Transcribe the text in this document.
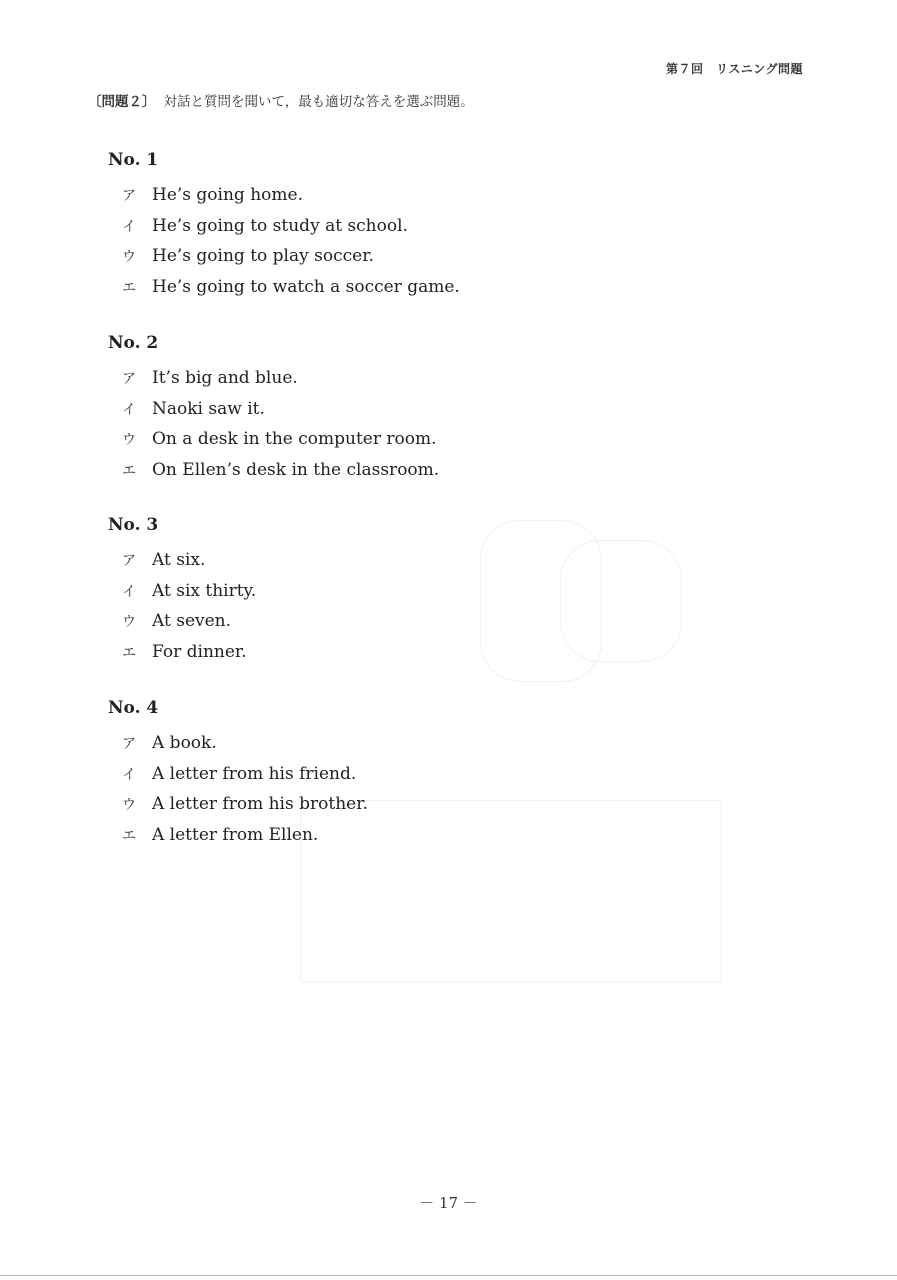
第７回　リスニング問題
〔問題２〕 対話と質問を聞いて，最も適切な答えを選ぶ問題。
No. 1
ア He’s going home.
イ He’s going to study at school.
ウ He’s going to play soccer.
エ He’s going to watch a soccer game.
No. 2
ア It’s big and blue.
イ Naoki saw it.
ウ On a desk in the computer room.
エ On Ellen’s desk in the classroom.
No. 3
ア At six.
イ At six thirty.
ウ At seven.
エ For dinner.
No. 4
ア A book.
イ A letter from his friend.
ウ A letter from his brother.
エ A letter from Ellen.
－ 17 －
